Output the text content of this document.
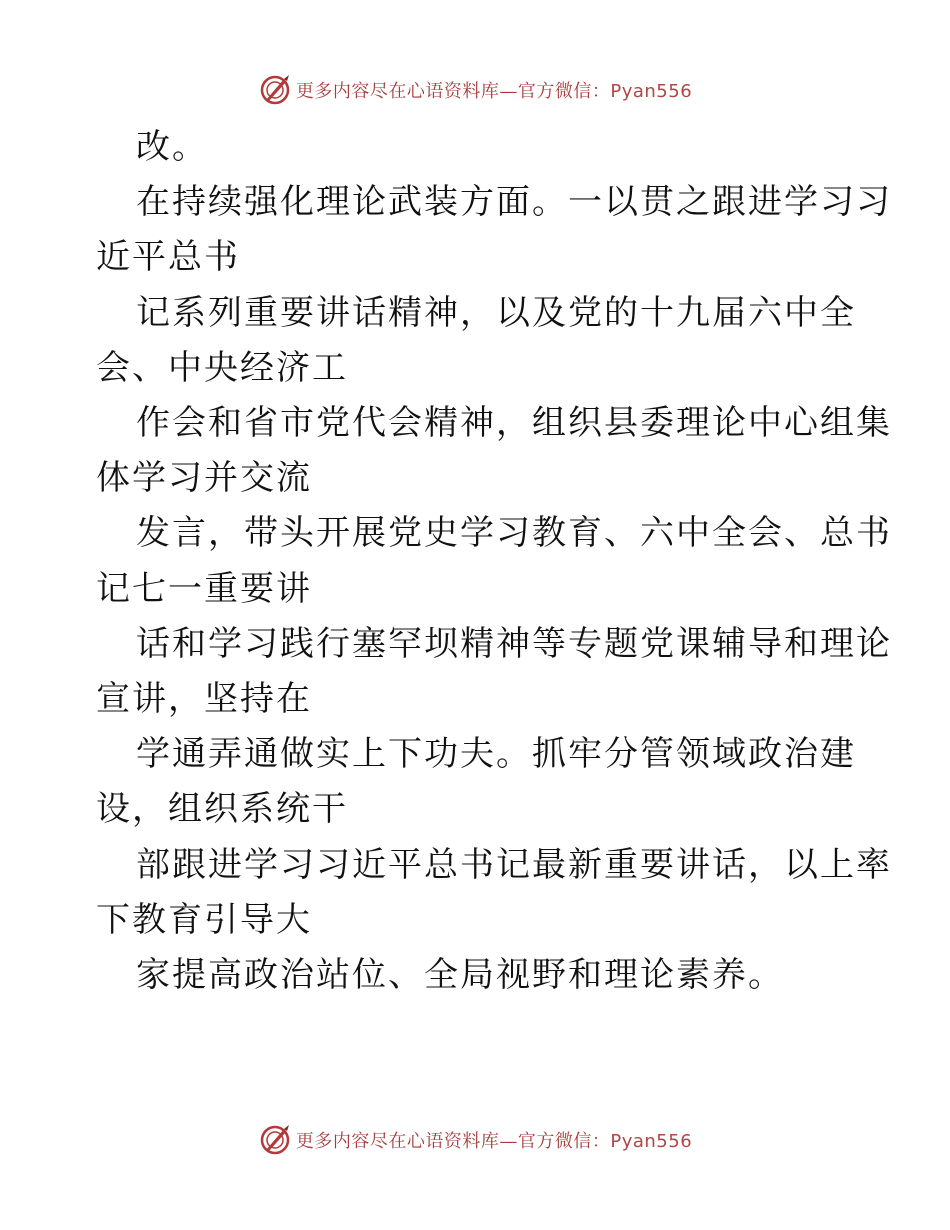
更多内容尽在心语资料库—官方微信：Pyan556

改。

在持续强化理论武装方面。一以贯之跟进学习习

近平总书

记系列重要讲话精神，以及党的十九届六中全

会、中央经济工

作会和省市党代会精神，组织县委理论中心组集

体学习并交流

发言，带头开展党史学习教育、六中全会、总书

记七一重要讲

话和学习践行塞罕坝精神等专题党课辅导和理论

宣讲，坚持在

学通弄通做实上下功夫。抓牢分管领域政治建

设，组织系统干

部跟进学习习近平总书记最新重要讲话，以上率

下教育引导大

家提高政治站位、全局视野和理论素养。

更多内容尽在心语资料库—官方微信：Pyan556
